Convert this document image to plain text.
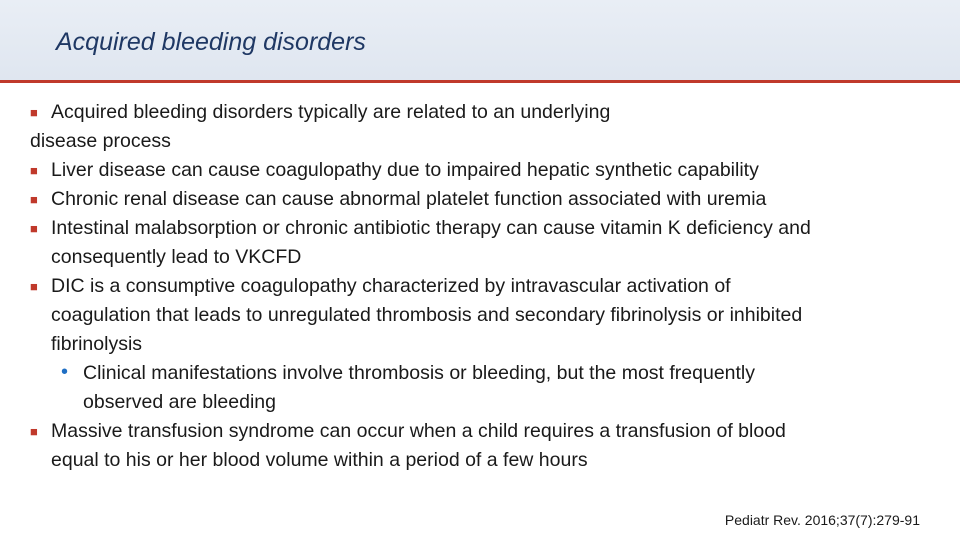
Acquired bleeding disorders
■ Acquired bleeding disorders typically are related to an underlying
disease process
■ Liver disease can cause coagulopathy due to impaired hepatic synthetic capability
■ Chronic renal disease can cause abnormal platelet function associated with uremia
■ Intestinal malabsorption or chronic antibiotic therapy can cause vitamin K deficiency and
consequently lead to VKCFD
■ DIC is a consumptive coagulopathy characterized by intravascular activation of
coagulation that leads to unregulated thrombosis and secondary fibrinolysis or inhibited
fibrinolysis
• Clinical manifestations involve thrombosis or bleeding, but the most frequently
observed are bleeding
■ Massive transfusion syndrome can occur when a child requires a transfusion of blood
equal to his or her blood volume within a period of a few hours
Pediatr Rev. 2016;37(7):279-91
